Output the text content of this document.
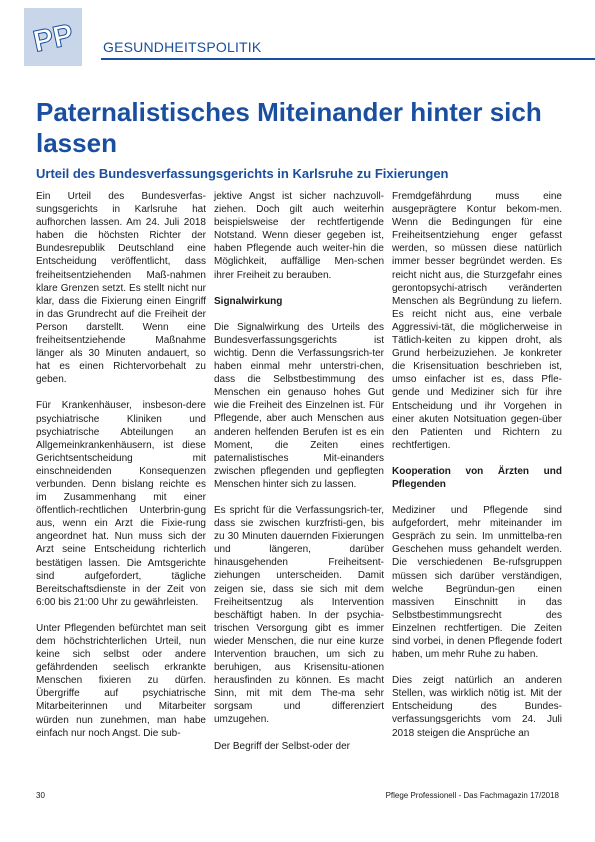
PP GESUNDHEITSPOLITIK
Paternalistisches Miteinander hinter sich lassen
Urteil des Bundesverfassungsgerichts in Karlsruhe zu Fixierungen

Ein Urteil des Bundesverfas-sungsgerichts in Karlsruhe hat aufhorchen lassen. Am 24. Juli 2018 haben die höchsten Richter der Bundesrepublik Deutschland eine Entscheidung veröffentlicht, dass freiheitsentziehenden Maß-nahmen klare Grenzen setzt. Es stellt nicht nur klar, dass die Fixierung einen Eingriff in das Grundrecht auf die Freiheit der Person darstellt. Wenn eine freiheitsentziehende Maßnahme länger als 30 Minuten andauert, so hat es einen Richtervorbehalt zu geben.

Für Krankenhäuser, insbeson-dere psychiatrische Kliniken und psychiatrische Abteilungen an Allgemeinkrankenhäusern, ist diese Gerichtsentscheidung mit einschneidenden Konsequenzen verbunden. Denn bislang reichte es im Zusammenhang mit einer öffentlich-rechtlichen Unterbrin-gung aus, wenn ein Arzt die Fixie-rung angeordnet hat. Nun muss sich der Arzt seine Entscheidung richterlich bestätigen lassen. Die Amtsgerichte sind aufgefordert, tägliche Bereitschaftsdienste in der Zeit von 6:00 bis 21:00 Uhr zu gewährleisten.

Unter Pflegenden befürchtet man seit dem höchstrichterlichen Urteil, nun keine sich selbst oder andere gefährdenden seelisch erkrankte Menschen fixieren zu dürfen. Übergriffe auf psychiatrische Mitarbeiterinnen und Mitarbeiter würden nun zunehmen, man habe einfach nur noch Angst. Die sub-

jektive Angst ist sicher nachzuvoll-ziehen. Doch gilt auch weiterhin beispielsweise der rechtfertigende Notstand. Wenn dieser gegeben ist, haben Pflegende auch weiter-hin die Möglichkeit, auffällige Men-schen ihrer Freiheit zu berauben.

Signalwirkung

Die Signalwirkung des Urteils des Bundesverfassungsgerichts ist wichtig. Denn die Verfassungsrich-ter haben einmal mehr unterstri-chen, dass die Selbstbestimmung des Menschen ein genauso hohes Gut wie die Freiheit des Einzelnen ist. Für Pflegende, aber auch Menschen aus anderen helfenden Berufen ist es ein Moment, die Zeiten eines paternalistisches Mit-einanders zwischen pflegenden und gepflegten Menschen hinter sich zu lassen.

Es spricht für die Verfassungsrich-ter, dass sie zwischen kurzfristi-gen, bis zu 30 Minuten dauernden Fixierungen und längeren, darüber hinausgehenden Freiheitsent-ziehungen unterscheiden. Damit zeigen sie, dass sie sich mit dem Freiheitsentzug als Intervention beschäftigt haben. In der psychia-trischen Versorgung gibt es immer wieder Menschen, die nur eine kurze Intervention brauchen, um sich zu beruhigen, aus Krisensitu-ationen herausfinden zu können. Es macht Sinn, mit mit dem The-ma sehr sorgsam und differenziert umzugehen.

Der Begriff der Selbst-oder der

Fremdgefährdung muss eine ausgeprägtere Kontur bekom-men. Wenn die Bedingungen für eine Freiheitsentziehung enger gefasst werden, so müssen diese natürlich immer besser begründet werden. Es reicht nicht aus, die Sturzgefahr eines gerontopsychi-atrisch veränderten Menschen als Begründung zu liefern. Es reicht nicht aus, eine verbale Aggressivi-tät, die möglicherweise in Tätlich-keiten zu kippen droht, als Grund herbeizuziehen. Je konkreter die Krisensituation beschrieben ist, umso einfacher ist es, dass Pfle-gende und Mediziner sich für ihre Entscheidung und ihr Vorgehen in einer akuten Notsituation gegen-über den Patienten und Richtern zu rechtfertigen.

Kooperation von Ärzten und Pflegenden

Mediziner und Pflegende sind aufgefordert, mehr miteinander im Gespräch zu sein. Im unmittelba-ren Geschehen muss gehandelt werden. Die verschiedenen Be-rufsgruppen müssen sich darüber verständigen, welche Begründun-gen einen massiven Einschnitt in das Selbstbestimmungsrecht des Einzelnen rechtfertigen. Die Zeiten sind vorbei, in denen Pflegende fodert haben, um mehr Ruhe zu haben.

Dies zeigt natürlich an anderen Stellen, was wirklich nötig ist. Mit der Entscheidung des Bundes-verfassungsgerichts vom 24. Juli 2018 steigen die Ansprüche an

30	Pflege Professionell - Das Fachmagazin 17/2018
